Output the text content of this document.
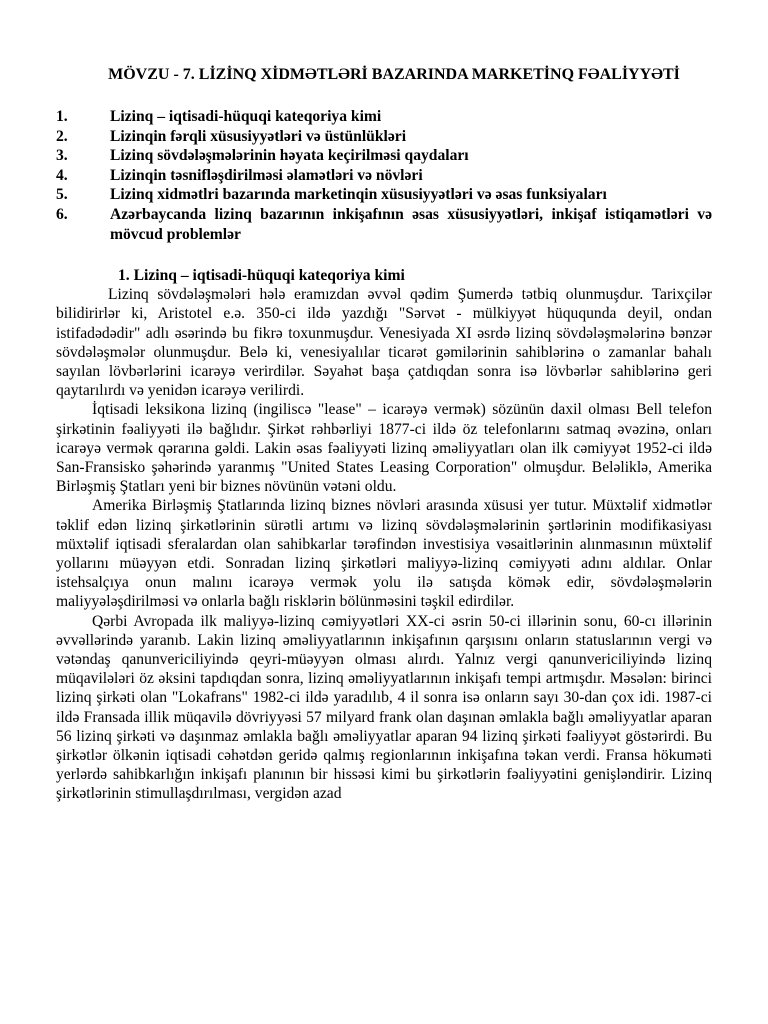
MÖVZU - 7. LİZİNQ XİDMƏTLƏRİ BAZARINDA MARKETİNQ FƏALİYYƏTİ
1.	Lizinq – iqtisadi-hüquqi kateqoriya kimi
2.	Lizinqin fərqli xüsusiyyətləri və üstünlükləri
3.	Lizinq sövdələşmələrinin həyata keçirilməsi qaydaları
4.	Lizinqin təsnifləşdirilməsi əlamətləri və növləri
5.	Lizinq xidmətlri bazarında marketinqin xüsusiyyətləri və əsas funksiyaları
6.	Azərbaycanda lizinq bazarının inkişafının əsas xüsusiyyətləri, inkişaf istiqamətləri və mövcud problemlər
1. Lizinq – iqtisadi-hüquqi kateqoriya kimi

Lizinq sövdələşmələri hələ eramızdan əvvəl qədim Şumerdə tətbiq olunmuşdur. Tarixçilər bilidirirlər ki, Aristotel e.ə. 350-ci ildə yazdığı "Sərvət - mülkiyyət hüququnda deyil, ondan istifadədədir" adlı əsərində bu fikrə toxunmuşdur. Venesiyada XI əsrdə lizinq sövdələşmələrinə bənzər sövdələşmələr olunmuşdur. Belə ki, venesiyalılar ticarət gəmilərinin sahiblərinə o zamanlar bahalı sayılan lövbərlərini icarəyə verirdilər. Səyahət başa çatdıqdan sonra isə lövbərlər sahiblərinə geri qaytarılırdı və yenidən icarəyə verilirdi.

İqtisadi leksikona lizinq (ingiliscə "lease" – icarəyə vermək) sözünün daxil olması Bell telefon şirkətinin fəaliyyəti ilə bağlıdır. Şirkət rəhbərliyi 1877-ci ildə öz telefonlarını satmaq əvəzinə, onları icarəyə vermək qərarına gəldi. Lakin əsas fəaliyyəti lizinq əməliyyatları olan ilk cəmiyyət 1952-ci ildə San-Fransisko şəhərində yaranmış "United States Leasing Corporation" olmuşdur. Beləliklə, Amerika Birləşmiş Ştatları yeni bir biznes növünün vətəni oldu.

Amerika Birləşmiş Ştatlarında lizinq biznes növləri arasında xüsusi yer tutur. Müxtəlif xidmətlər təklif edən lizinq şirkətlərinin sürətli artımı və lizinq sövdələşmələrinin şərtlərinin modifikasiyası müxtəlif iqtisadi sferalardan olan sahibkarlar tərəfindən investisiya vəsaitlərinin alınmasının müxtəlif yollarını müəyyən etdi. Sonradan lizinq şirkətləri maliyyə-lizinq cəmiyyəti adını aldılar. Onlar istehsalçıya onun malını icarəyə vermək yolu ilə satışda kömək edir, sövdələşmələrin maliyyələşdirilməsi və onlarla bağlı risklərin bölünməsini təşkil edirdilər.

Qərbi Avropada ilk maliyyə-lizinq cəmiyyətləri XX-ci əsrin 50-ci illərinin sonu, 60-cı illərinin əvvəllərində yaranıb. Lakin lizinq əməliyyatlarının inkişafının qarşısını onların statuslarının vergi və vətəndaş qanunvericiliyində qeyri-müəyyən olması alırdı. Yalnız vergi qanunvericiliyində lizinq müqavilələri öz əksini tapdıqdan sonra, lizinq əməliyyatlarının inkişafı tempi artmışdır. Məsələn: birinci lizinq şirkəti olan "Lokafrans" 1982-ci ildə yaradılıb, 4 il sonra isə onların sayı 30-dan çox idi. 1987-ci ildə Fransada illik müqavilə dövriyyəsi 57 milyard frank olan daşınan əmlakla bağlı əməliyyatlar aparan 56 lizinq şirkəti və daşınmaz əmlakla bağlı əməliyyatlar aparan 94 lizinq şirkəti fəaliyyət göstərirdi. Bu şirkətlər ölkənin iqtisadi cəhətdən geridə qalmış regionlarının inkişafına təkan verdi. Fransa hökuməti yerlərdə sahibkarlığın inkişafı planının bir hissəsi kimi bu şirkətlərin fəaliyyətini genişləndirir. Lizinq şirkətlərinin stimullaşdırılması, vergidən azad
